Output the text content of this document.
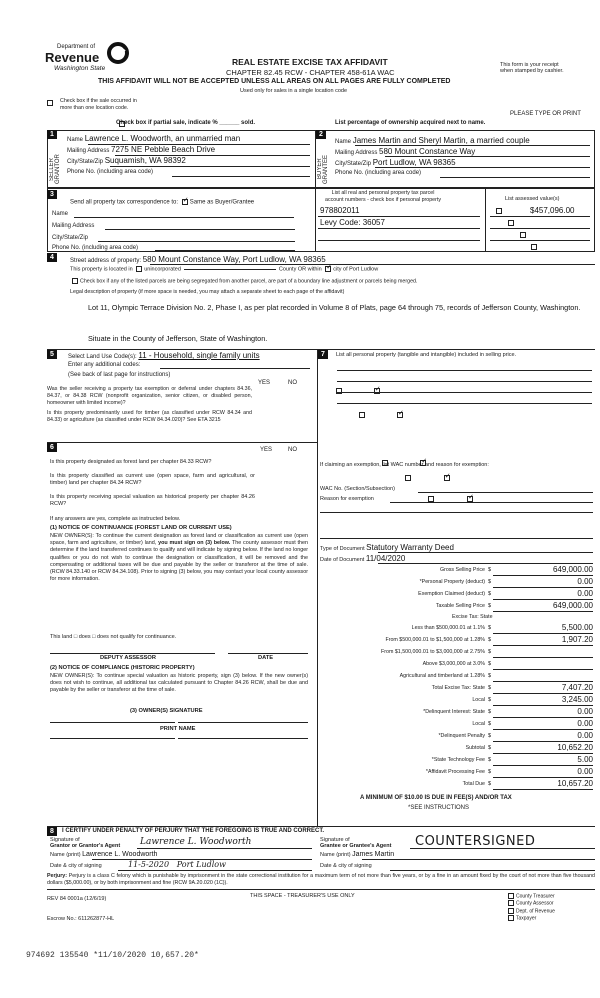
Department of
Revenue
Washington State
REAL ESTATE EXCISE TAX AFFIDAVIT
CHAPTER 82.45 RCW - CHAPTER 458-61A WAC
This form is your receipt
when stamped by cashier.
THIS AFFIDAVIT WILL NOT BE ACCEPTED UNLESS ALL AREAS ON ALL PAGES ARE FULLY COMPLETED
Used only for sales in a single location code

Check box if the sale occurred in
more than one location code.
PLEASE TYPE OR PRINT

Check box if partial sale, indicate % ______ sold.	List percentage of ownership acquired next to name.
1
SELLER GRANTOR
2
BUYER GRANTEE
Name Lawrence L. Woodworth, an unmarried man
Mailing Address 7275 NE Pebble Beach Drive
City/State/Zip Suquamish, WA 98392
Phone No. (including area code)
Name James Martin and Sheryl Martin, a married couple
Mailing Address 580 Mount Constance Way
City/State/Zip Port Ludlow, WA 98365
Phone No. (including area code)
3
Send all property tax correspondence to: ✓ Same as Buyer/Grantee
Name
Mailing Address
City/State/Zip
Phone No. (including area code)
List all real and personal property tax parcel
account numbers - check box if personal property	List assessed value(s)
978802011
Levy Code: 36057

$457,096.00
4	Street address of property: 580 Mount Constance Way, Port Ludlow, WA 98365
This property is located in unincorporated	County OR within ✓ city of Port Ludlow
Check box if any of the listed parcels are being segregated from another parcel, are part of a boundary line adjustment or parcels being merged.
Legal description of property (if more space is needed, you may attach a separate sheet to each page of the affidavit)
Lot 11, Olympic Terrace Division No. 2, Phase I, as per plat recorded in Volume 8 of Plats, page 64 through 75, records of Jefferson County, Washington.
Situate in the County of Jefferson, State of Washington.
5	Select Land Use Code(s): 11 - Household, single family units
Enter any additional codes:
(See back of last page for instructions)
YES	NO
Was the seller receiving a property tax exemption or deferral under chapters 84.36, 84.37, or 84.38 RCW (nonprofit organization, senior citizen, or disabled person, homeowner with limited income)?
✓
Is this property predominantly used for timber (as classified under RCW 84.34 and 84.33) or agriculture (as classified under RCW 84.34.020)? See ETA 3215
✓
7	List all personal property (tangible and intangible) included in selling price.
6	YES	NO
Is this property designated as forest land per chapter 84.33 RCW?
✓
Is this property classified as current use (open space, farm and agricultural, or timber) land per chapter 84.34 RCW?
✓
Is this property receiving special valuation as historical property per chapter 84.26 RCW?
✓
If any answers are yes, complete as instructed below.
(1) NOTICE OF CONTINUANCE (FOREST LAND OR CURRENT USE)
NEW OWNER(S): To continue the current designation as forest land or classification as current use (open space, farm and agriculture, or timber) land, you must sign on (3) below. The county assessor must then determine if the land transferred continues to qualify and will indicate by signing below. If the land no longer qualifies or you do not wish to continue the designation or classification, it will be removed and the compensating or additional taxes will be due and payable by the seller or transferor at the time of sale. (RCW 84.33.140 or RCW 84.34.108). Prior to signing (3) below, you may contact your local county assessor for more information.
This land □ does □ does not qualify for continuance.
DEPUTY ASSESSOR	DATE
(2) NOTICE OF COMPLIANCE (HISTORIC PROPERTY)
NEW OWNER(S): To continue special valuation as historic property, sign (3) below. If the new owner(s) does not wish to continue, all additional tax calculated pursuant to Chapter 84.26 RCW, shall be due and payable by the seller or transferor at the time of sale.
(3) OWNER(S) SIGNATURE
PRINT NAME
If claiming an exemption, list WAC number and reason for exemption:
WAC No. (Section/Subsection)
Reason for exemption
Type of Document Statutory Warranty Deed
Date of Document 11/04/2020
Gross Selling Price $	649,000.00
*Personal Property (deduct) $	0.00
Exemption Claimed (deduct) $	0.00
Taxable Selling Price $	649,000.00
Excise Tax: State
Less than $500,000.01 at 1.1% $	5,500.00
From $500,000.01 to $1,500,000 at 1.28% $	1,907.20
From $1,500,000.01 to $3,000,000 at 2.75% $
Above $3,000,000 at 3.0% $
Agricultural and timberland at 1.28% $
Total Excise Tax: State $	7,407.20
Local $	3,245.00
*Delinquent Interest: State $	0.00
Local $	0.00
*Delinquent Penalty $	0.00
Subtotal $	10,652.20
*State Technology Fee $	5.00
*Affidavit Processing Fee $	0.00
Total Due $	10,657.20
A MINIMUM OF $10.00 IS DUE IN FEE(S) AND/OR TAX
*SEE INSTRUCTIONS
8	I CERTIFY UNDER PENALTY OF PERJURY THAT THE FOREGOING IS TRUE AND CORRECT.
Signature of
Grantor or Grantor's Agent Lawrence L. Woodworth
Name (print) Lawrence L. Woodworth
Date & city of signing	11-5-2020 Port Ludlow
Signature of
Grantee or Grantee's Agent COUNTERSIGNED
Name (print) James Martin
Date & city of signing
Perjury: Perjury is a class C felony which is punishable by imprisonment in the state correctional institution for a maximum term of not more than five years, or by a fine in an amount fixed by the court of not more than five thousand dollars ($5,000.00), or by both imprisonment and fine (RCW 9A.20.020 (1C)).
REV 84 0001a (12/6/19)	THIS SPACE - TREASURER'S USE ONLY
Escrow No.: 611262877-HL
County Treasurer
County Assessor
Dept. of Revenue
Taxpayer
974692 135540 *11/10/2020 10,657.20*
